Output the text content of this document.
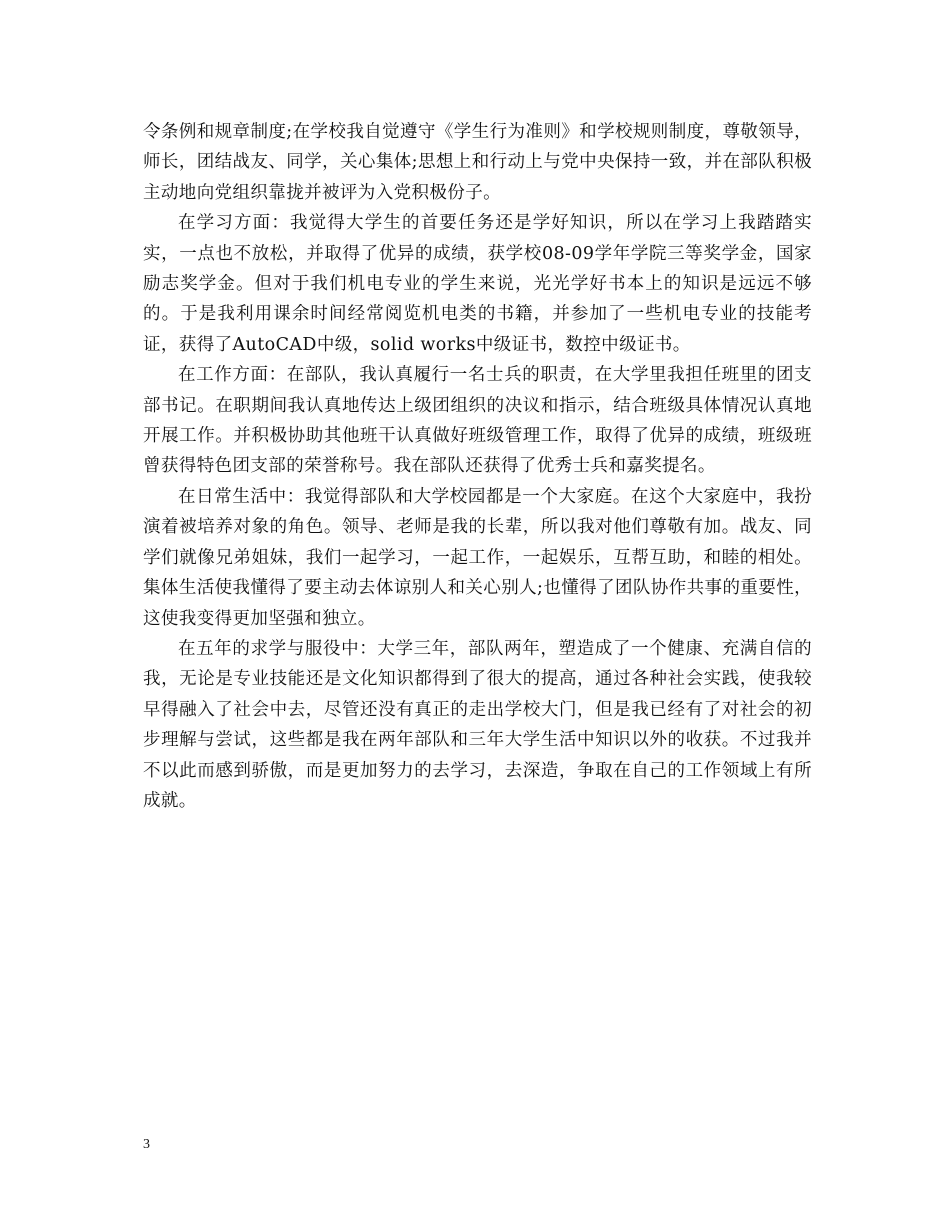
令条例和规章制度;在学校我自觉遵守《学生行为准则》和学校规则制度，尊敬领导，师长，团结战友、同学，关心集体;思想上和行动上与党中央保持一致，并在部队积极主动地向党组织靠拢并被评为入党积极份子。

在学习方面：我觉得大学生的首要任务还是学好知识，所以在学习上我踏踏实实，一点也不放松，并取得了优异的成绩，获学校08-09学年学院三等奖学金，国家励志奖学金。但对于我们机电专业的学生来说，光光学好书本上的知识是远远不够的。于是我利用课余时间经常阅览机电类的书籍，并参加了一些机电专业的技能考证，获得了AutoCAD中级，solid works中级证书，数控中级证书。

在工作方面：在部队，我认真履行一名士兵的职责，在大学里我担任班里的团支部书记。在职期间我认真地传达上级团组织的决议和指示，结合班级具体情况认真地开展工作。并积极协助其他班干认真做好班级管理工作，取得了优异的成绩，班级班曾获得特色团支部的荣誉称号。我在部队还获得了优秀士兵和嘉奖提名。

在日常生活中：我觉得部队和大学校园都是一个大家庭。在这个大家庭中，我扮演着被培养对象的角色。领导、老师是我的长辈，所以我对他们尊敬有加。战友、同学们就像兄弟姐妹，我们一起学习，一起工作，一起娱乐，互帮互助，和睦的相处。集体生活使我懂得了要主动去体谅别人和关心别人;也懂得了团队协作共事的重要性，这使我变得更加坚强和独立。

在五年的求学与服役中：大学三年，部队两年，塑造成了一个健康、充满自信的我，无论是专业技能还是文化知识都得到了很大的提高，通过各种社会实践，使我较早得融入了社会中去，尽管还没有真正的走出学校大门，但是我已经有了对社会的初步理解与尝试，这些都是我在两年部队和三年大学生活中知识以外的收获。不过我并不以此而感到骄傲，而是更加努力的去学习，去深造，争取在自己的工作领域上有所成就。

3
